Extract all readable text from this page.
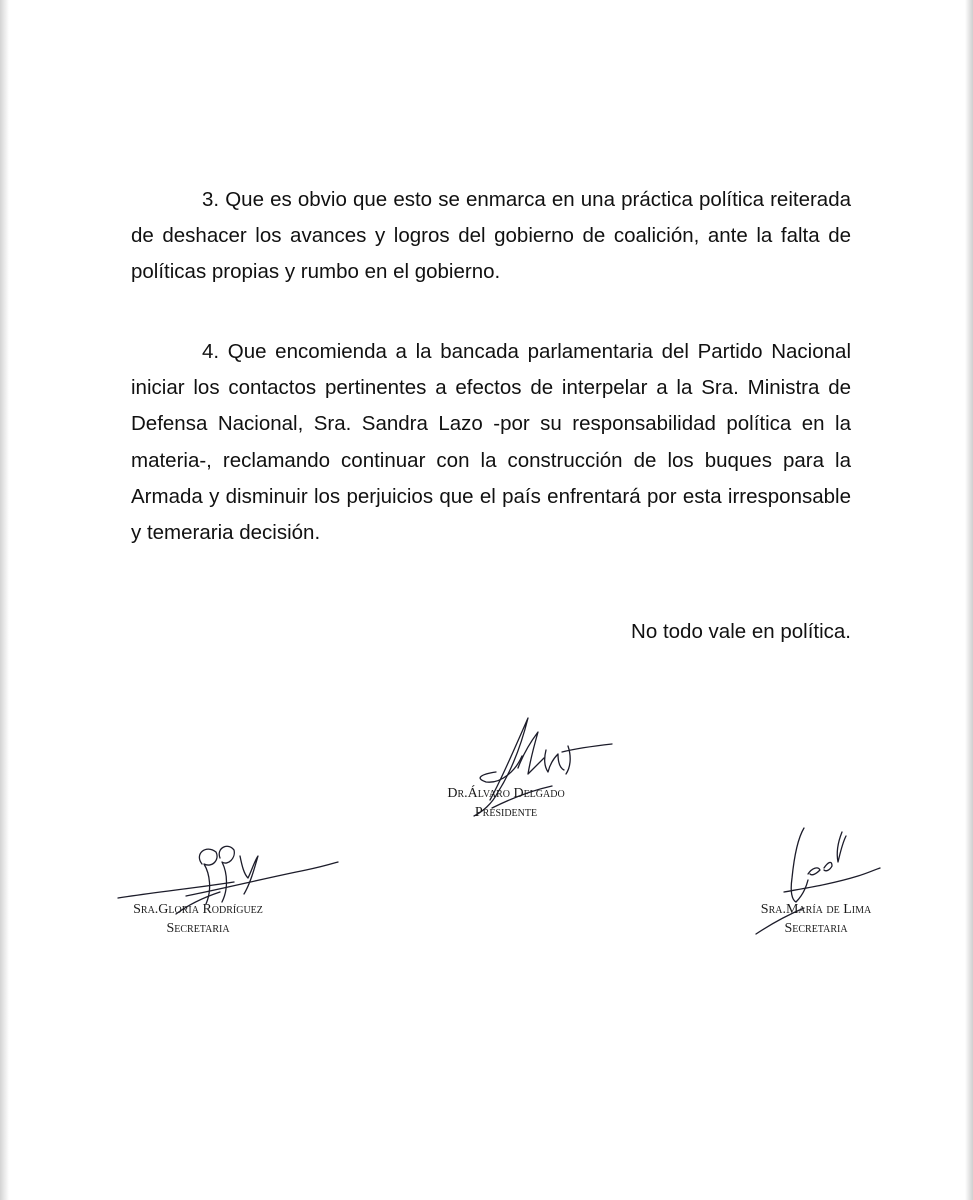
3. Que es obvio que esto se enmarca en una práctica política reiterada de deshacer los avances y logros del gobierno de coalición, ante la falta de políticas propias y rumbo en el gobierno.

4. Que encomienda a la bancada parlamentaria del Partido Nacional iniciar los contactos pertinentes a efectos de interpelar a la Sra. Ministra de Defensa Nacional, Sra. Sandra Lazo -por su responsabilidad política en la materia-, reclamando continuar con la construcción de los buques para la Armada y disminuir los perjuicios que el país enfrentará por esta irresponsable y temeraria decisión.

No todo vale en política.

Dr.Álvaro Delgado
Presidente
Sra.Gloria Rodríguez
Secretaria
Sra.María de Lima
Secretaria
